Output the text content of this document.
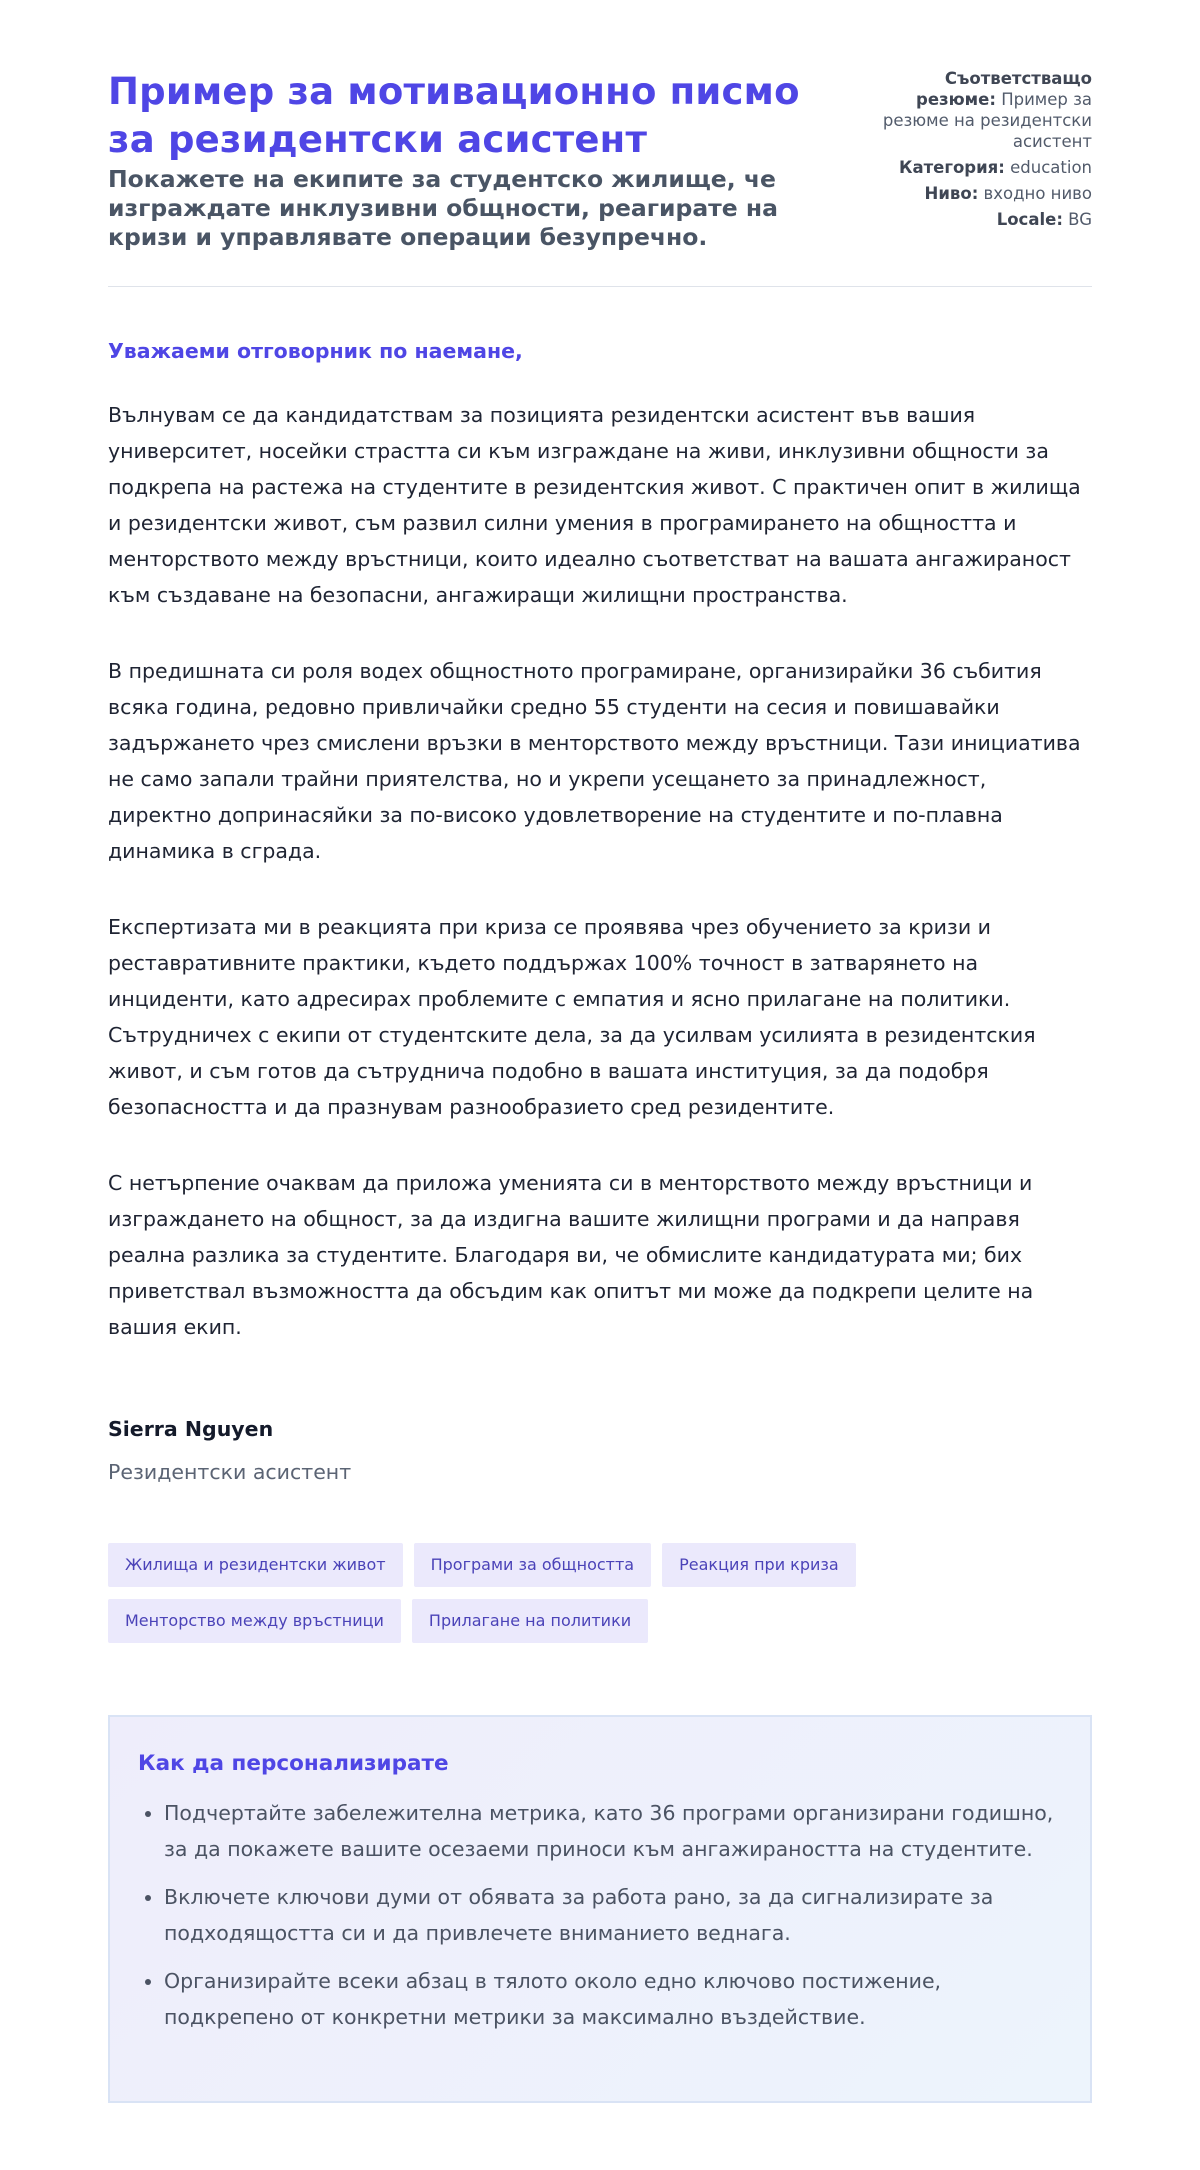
Пример за мотивационно писмо за резидентски асистент

Покажете на екипите за студентско жилище, че изграждате инклузивни общности, реагирате на кризи и управлявате операции безупречно.

Съответстващо резюме: Пример за резюме на резидентски асистент
Категория: education
Ниво: входно ниво
Locale: BG

Уважаеми отговорник по наемане,

Вълнувам се да кандидатствам за позицията резидентски асистент във вашия университет, носейки страстта си към изграждане на живи, инклузивни общности за подкрепа на растежа на студентите в резидентския живот. С практичен опит в жилища и резидентски живот, съм развил силни умения в програмирането на общността и менторството между връстници, които идеално съответстват на вашата ангажираност към създаване на безопасни, ангажиращи жилищни пространства.

В предишната си роля водех общностното програмиране, организирайки 36 събития всяка година, редовно привличайки средно 55 студенти на сесия и повишавайки задържането чрез смислени връзки в менторството между връстници. Тази инициатива не само запали трайни приятелства, но и укрепи усещането за принадлежност, директно допринасяйки за по-високо удовлетворение на студентите и по-плавна динамика в сграда.

Експертизата ми в реакцията при криза се проявява чрез обучението за кризи и реставративните практики, където поддържах 100% точност в затварянето на инциденти, като адресирах проблемите с емпатия и ясно прилагане на политики. Сътрудничех с екипи от студентските дела, за да усилвам усилията в резидентския живот, и съм готов да сътруднича подобно в вашата институция, за да подобря безопасността и да празнувам разнообразието сред резидентите.

С нетърпение очаквам да приложа уменията си в менторството между връстници и изграждането на общност, за да издигна вашите жилищни програми и да направя реална разлика за студентите. Благодаря ви, че обмислите кандидатурата ми; бих приветствал възможността да обсъдим как опитът ми може да подкрепи целите на вашия екип.

Sierra Nguyen
Резидентски асистент
Жилища и резидентски живот	Програми за общността	Реакция при криза
Менторство между връстници	Прилагане на политики
Как да персонализирате
• Подчертайте забележителна метрика, като 36 програми организирани годишно, за да покажете вашите осезаеми приноси към ангажираността на студентите.
• Включете ключови думи от обявата за работа рано, за да сигнализирате за подходящостта си и да привлечете вниманието веднага.
• Организирайте всеки абзац в тялото около едно ключово постижение, подкрепено от конкретни метрики за максимално въздействие.
